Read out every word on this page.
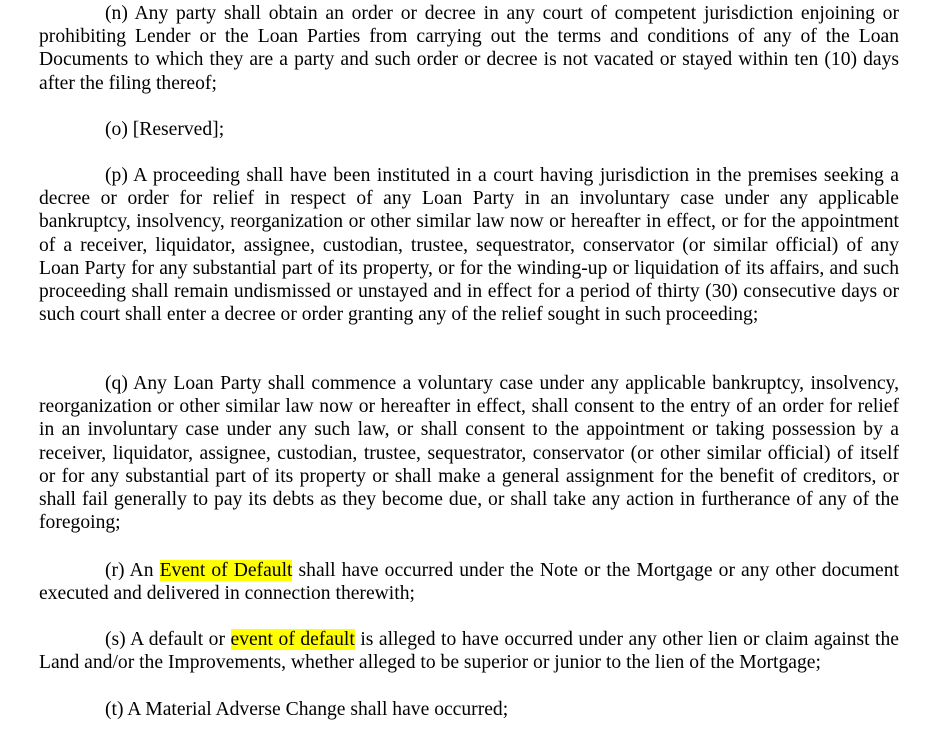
(n) Any party shall obtain an order or decree in any court of competent jurisdiction enjoining or prohibiting Lender or the Loan Parties from carrying out the terms and conditions of any of the Loan Documents to which they are a party and such order or decree is not vacated or stayed within ten (10) days after the filing thereof;

(o) [Reserved];

(p) A proceeding shall have been instituted in a court having jurisdiction in the premises seeking a decree or order for relief in respect of any Loan Party in an involuntary case under any applicable bankruptcy, insolvency, reorganization or other similar law now or hereafter in effect, or for the appointment of a receiver, liquidator, assignee, custodian, trustee, sequestrator, conservator (or similar official) of any Loan Party for any substantial part of its property, or for the winding-up or liquidation of its affairs, and such proceeding shall remain undismissed or unstayed and in effect for a period of thirty (30) consecutive days or such court shall enter a decree or order granting any of the relief sought in such proceeding;

(q) Any Loan Party shall commence a voluntary case under any applicable bankruptcy, insolvency, reorganization or other similar law now or hereafter in effect, shall consent to the entry of an order for relief in an involuntary case under any such law, or shall consent to the appointment or taking possession by a receiver, liquidator, assignee, custodian, trustee, sequestrator, conservator (or other similar official) of itself or for any substantial part of its property or shall make a general assignment for the benefit of creditors, or shall fail generally to pay its debts as they become due, or shall take any action in furtherance of any of the foregoing;

(r) An Event of Default shall have occurred under the Note or the Mortgage or any other document executed and delivered in connection therewith;

(s) A default or event of default is alleged to have occurred under any other lien or claim against the Land and/or the Improvements, whether alleged to be superior or junior to the lien of the Mortgage;

(t) A Material Adverse Change shall have occurred;
